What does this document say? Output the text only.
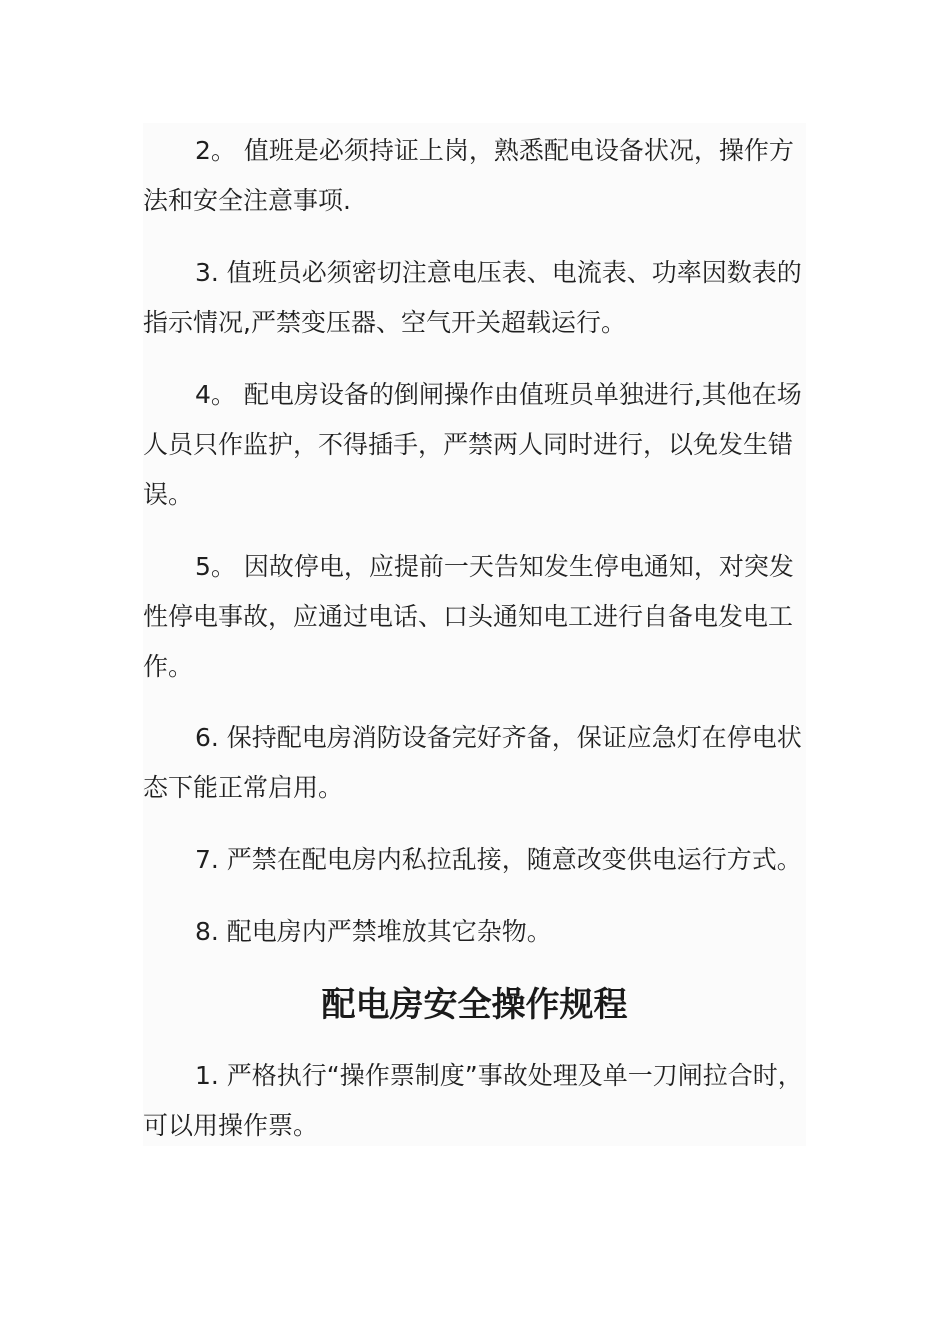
2。 值班是必须持证上岗，熟悉配电设备状况，操作方法和安全注意事项.

3. 值班员必须密切注意电压表、电流表、功率因数表的指示情况,严禁变压器、空气开关超载运行。

4。 配电房设备的倒闸操作由值班员单独进行,其他在场人员只作监护，不得插手，严禁两人同时进行，以免发生错误。

5。 因故停电，应提前一天告知发生停电通知，对突发性停电事故，应通过电话、口头通知电工进行自备电发电工作。

6. 保持配电房消防设备完好齐备，保证应急灯在停电状态下能正常启用。

7. 严禁在配电房内私拉乱接，随意改变供电运行方式。

8. 配电房内严禁堆放其它杂物。

配电房安全操作规程

1. 严格执行“操作票制度”事故处理及单一刀闸拉合时，可以用操作票。
